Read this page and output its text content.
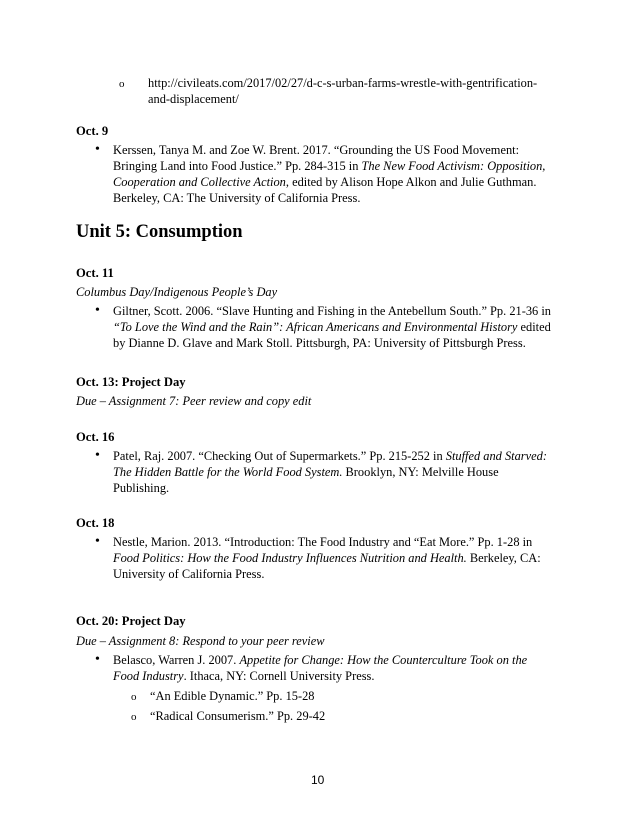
o http://civileats.com/2017/02/27/d-c-s-urban-farms-wrestle-with-gentrification-
and-displacement/
Oct. 9
• Kerssen, Tanya M. and Zoe W. Brent. 2017. “Grounding the US Food Movement:
Bringing Land into Food Justice.” Pp. 284-315 in The New Food Activism: Opposition,
Cooperation and Collective Action, edited by Alison Hope Alkon and Julie Guthman.
Berkeley, CA: The University of California Press.
Unit 5: Consumption
Oct. 11
Columbus Day/Indigenous People’s Day
• Giltner, Scott. 2006. “Slave Hunting and Fishing in the Antebellum South.” Pp. 21-36 in
“To Love the Wind and the Rain”: African Americans and Environmental History edited
by Dianne D. Glave and Mark Stoll. Pittsburgh, PA: University of Pittsburgh Press.
Oct. 13: Project Day
Due – Assignment 7: Peer review and copy edit
Oct. 16
• Patel, Raj. 2007. “Checking Out of Supermarkets.” Pp. 215-252 in Stuffed and Starved:
The Hidden Battle for the World Food System. Brooklyn, NY: Melville House
Publishing.
Oct. 18
• Nestle, Marion. 2013. “Introduction: The Food Industry and “Eat More.” Pp. 1-28 in
Food Politics: How the Food Industry Influences Nutrition and Health. Berkeley, CA:
University of California Press.
Oct. 20: Project Day
Due – Assignment 8: Respond to your peer review
• Belasco, Warren J. 2007. Appetite for Change: How the Counterculture Took on the
Food Industry. Ithaca, NY: Cornell University Press.
o “An Edible Dynamic.” Pp. 15-28
o “Radical Consumerism.” Pp. 29-42
10
